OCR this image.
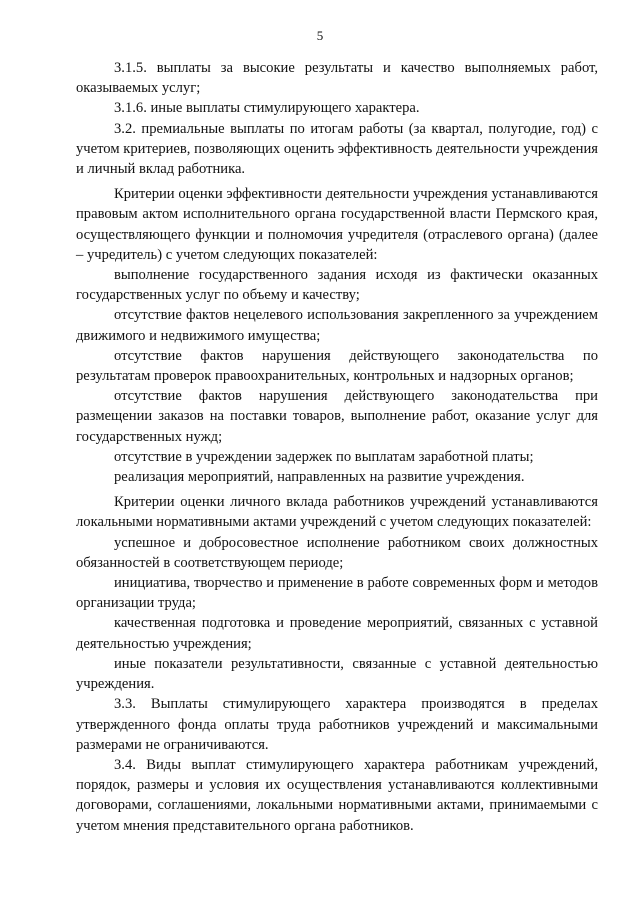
5

3.1.5. выплаты за высокие результаты и качество выполняемых работ, оказываемых услуг;

3.1.6. иные выплаты стимулирующего характера.

3.2. премиальные выплаты по итогам работы (за квартал, полугодие, год) с учетом критериев, позволяющих оценить эффективность деятельности учреждения и личный вклад работника.

Критерии оценки эффективности деятельности учреждения устанавливаются правовым актом исполнительного органа государственной власти Пермского края, осуществляющего функции и полномочия учредителя (отраслевого органа) (далее – учредитель) с учетом следующих показателей:

выполнение государственного задания исходя из фактически оказанных государственных услуг по объему и качеству;

отсутствие фактов нецелевого использования закрепленного за учреждением движимого и недвижимого имущества;

отсутствие фактов нарушения действующего законодательства по результатам проверок правоохранительных, контрольных и надзорных органов;

отсутствие фактов нарушения действующего законодательства при размещении заказов на поставки товаров, выполнение работ, оказание услуг для государственных нужд;

отсутствие в учреждении задержек по выплатам заработной платы;

реализация мероприятий, направленных на развитие учреждения.

Критерии оценки личного вклада работников учреждений устанавливаются локальными нормативными актами учреждений с учетом следующих показателей:

успешное и добросовестное исполнение работником своих должностных обязанностей в соответствующем периоде;

инициатива, творчество и применение в работе современных форм и методов организации труда;

качественная подготовка и проведение мероприятий, связанных с уставной деятельностью учреждения;

иные показатели результативности, связанные с уставной деятельностью учреждения.

3.3. Выплаты стимулирующего характера производятся в пределах утвержденного фонда оплаты труда работников учреждений и максимальными размерами не ограничиваются.

3.4. Виды выплат стимулирующего характера работникам учреждений, порядок, размеры и условия их осуществления устанавливаются коллективными договорами, соглашениями, локальными нормативными актами, принимаемыми с учетом мнения представительного органа работников.
